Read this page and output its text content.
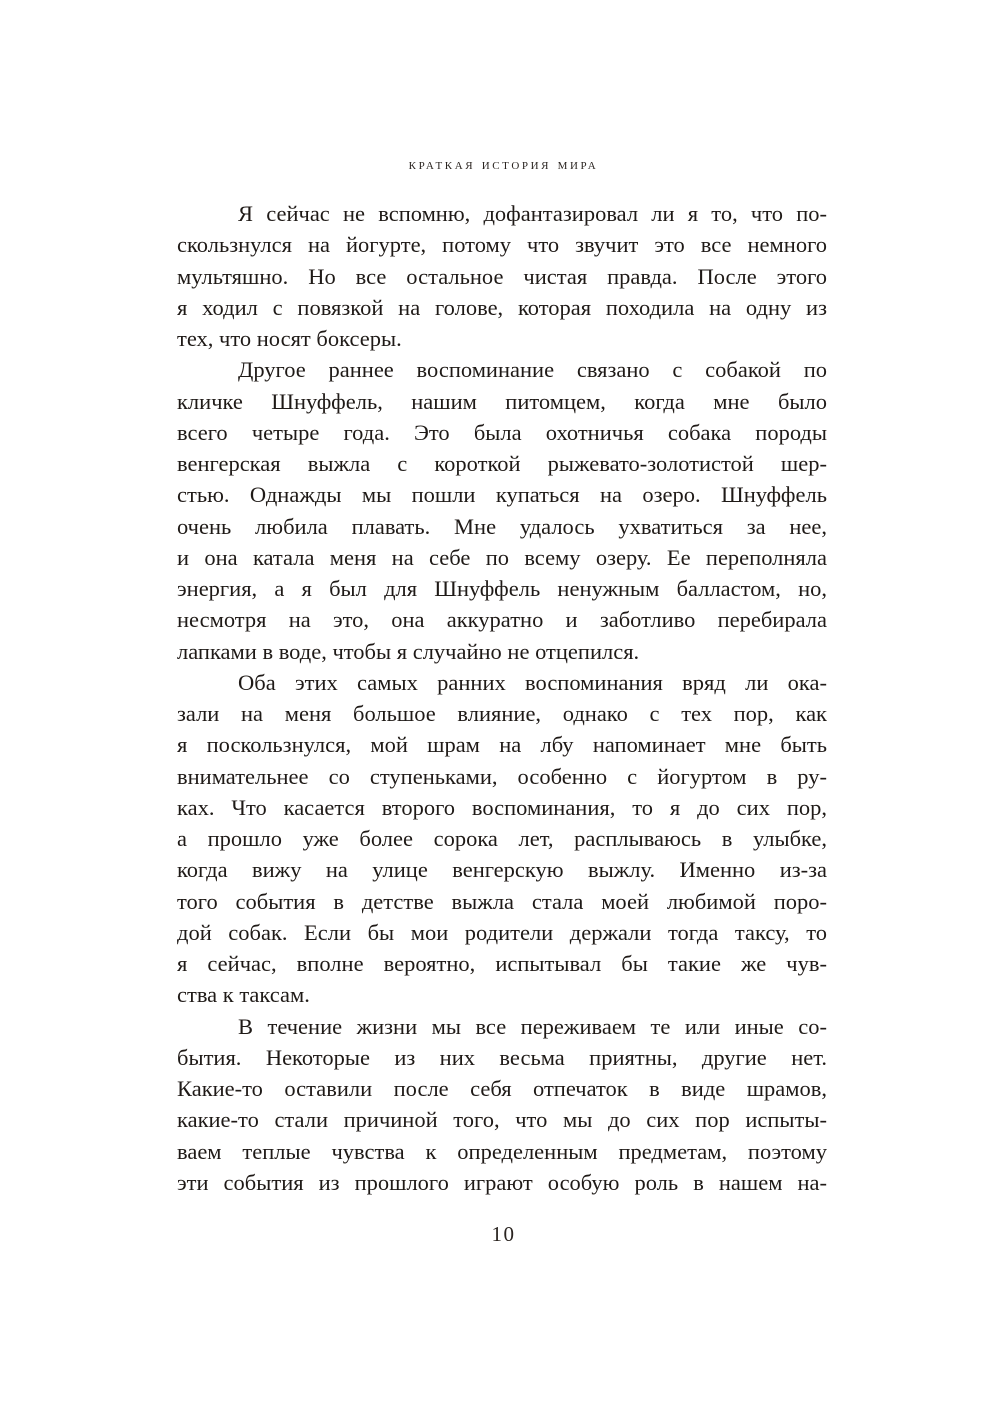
краткая история мира
Я сейчас не вспомню, дофантазировал ли я то, что по-
скользнулся на йогурте, потому что звучит это все немного
мультяшно. Но все остальное чистая правда. После этого
я ходил с повязкой на голове, которая походила на одну из
тех, что носят боксеры.
Другое раннее воспоминание связано с собакой по
кличке Шнуффель, нашим питомцем, когда мне было
всего четыре года. Это была охотничья собака породы
венгерская выжла с короткой рыжевато-золотистой шер-
стью. Однажды мы пошли купаться на озеро. Шнуффель
очень любила плавать. Мне удалось ухватиться за нее,
и она катала меня на себе по всему озеру. Ее переполняла
энергия, а я был для Шнуффель ненужным балластом, но,
несмотря на это, она аккуратно и заботливо перебирала
лапками в воде, чтобы я случайно не отцепился.
Оба этих самых ранних воспоминания вряд ли ока-
зали на меня большое влияние, однако с тех пор, как
я поскользнулся, мой шрам на лбу напоминает мне быть
внимательнее со ступеньками, особенно с йогуртом в ру-
ках. Что касается второго воспоминания, то я до сих пор,
а прошло уже более сорока лет, расплываюсь в улыбке,
когда вижу на улице венгерскую выжлу. Именно из-за
того события в детстве выжла стала моей любимой поро-
дой собак. Если бы мои родители держали тогда таксу, то
я сейчас, вполне вероятно, испытывал бы такие же чув-
ства к таксам.
В течение жизни мы все переживаем те или иные со-
бытия. Некоторые из них весьма приятны, другие нет.
Какие-то оставили после себя отпечаток в виде шрамов,
какие-то стали причиной того, что мы до сих пор испыты-
ваем теплые чувства к определенным предметам, поэтому
эти события из прошлого играют особую роль в нашем на-
10
